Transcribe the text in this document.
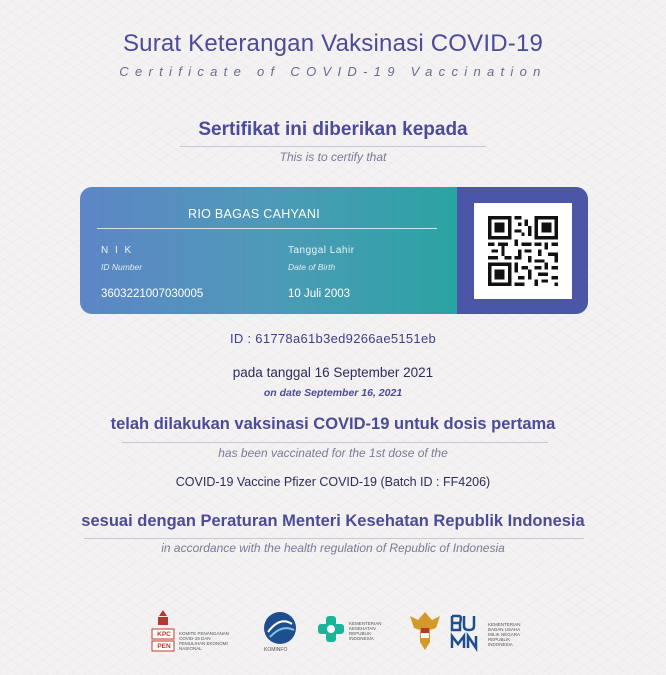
Surat Keterangan Vaksinasi COVID-19
Certificate of COVID-19 Vaccination
Sertifikat ini diberikan kepada
This is to certify that
RIO BAGAS CAHYANI
N I K
ID Number
3603221007030005
Tanggal Lahir
Date of Birth
10 Juli 2003
ID : 61778a61b3ed9266ae5151eb
pada tanggal 16 September 2021
on date September 16, 2021
telah dilakukan vaksinasi COVID-19 untuk dosis pertama
has been vaccinated for the 1st dose of the
COVID-19 Vaccine Pfizer COVID-19 (Batch ID : FF4206)
sesuai dengan Peraturan Menteri Kesehatan Republik Indonesia
in accordance with the health regulation of Republic of Indonesia
KPC PEN
KOMITE PENANGANAN COVID-19 DAN PEMULIHAN EKONOMI NASIONAL	KOMINFO
KEMENTERIAN KESEHATAN REPUBLIK INDONESIA
KEMENTERIAN BADAN USAHA MILIK NEGARA REPUBLIK INDONESIA
